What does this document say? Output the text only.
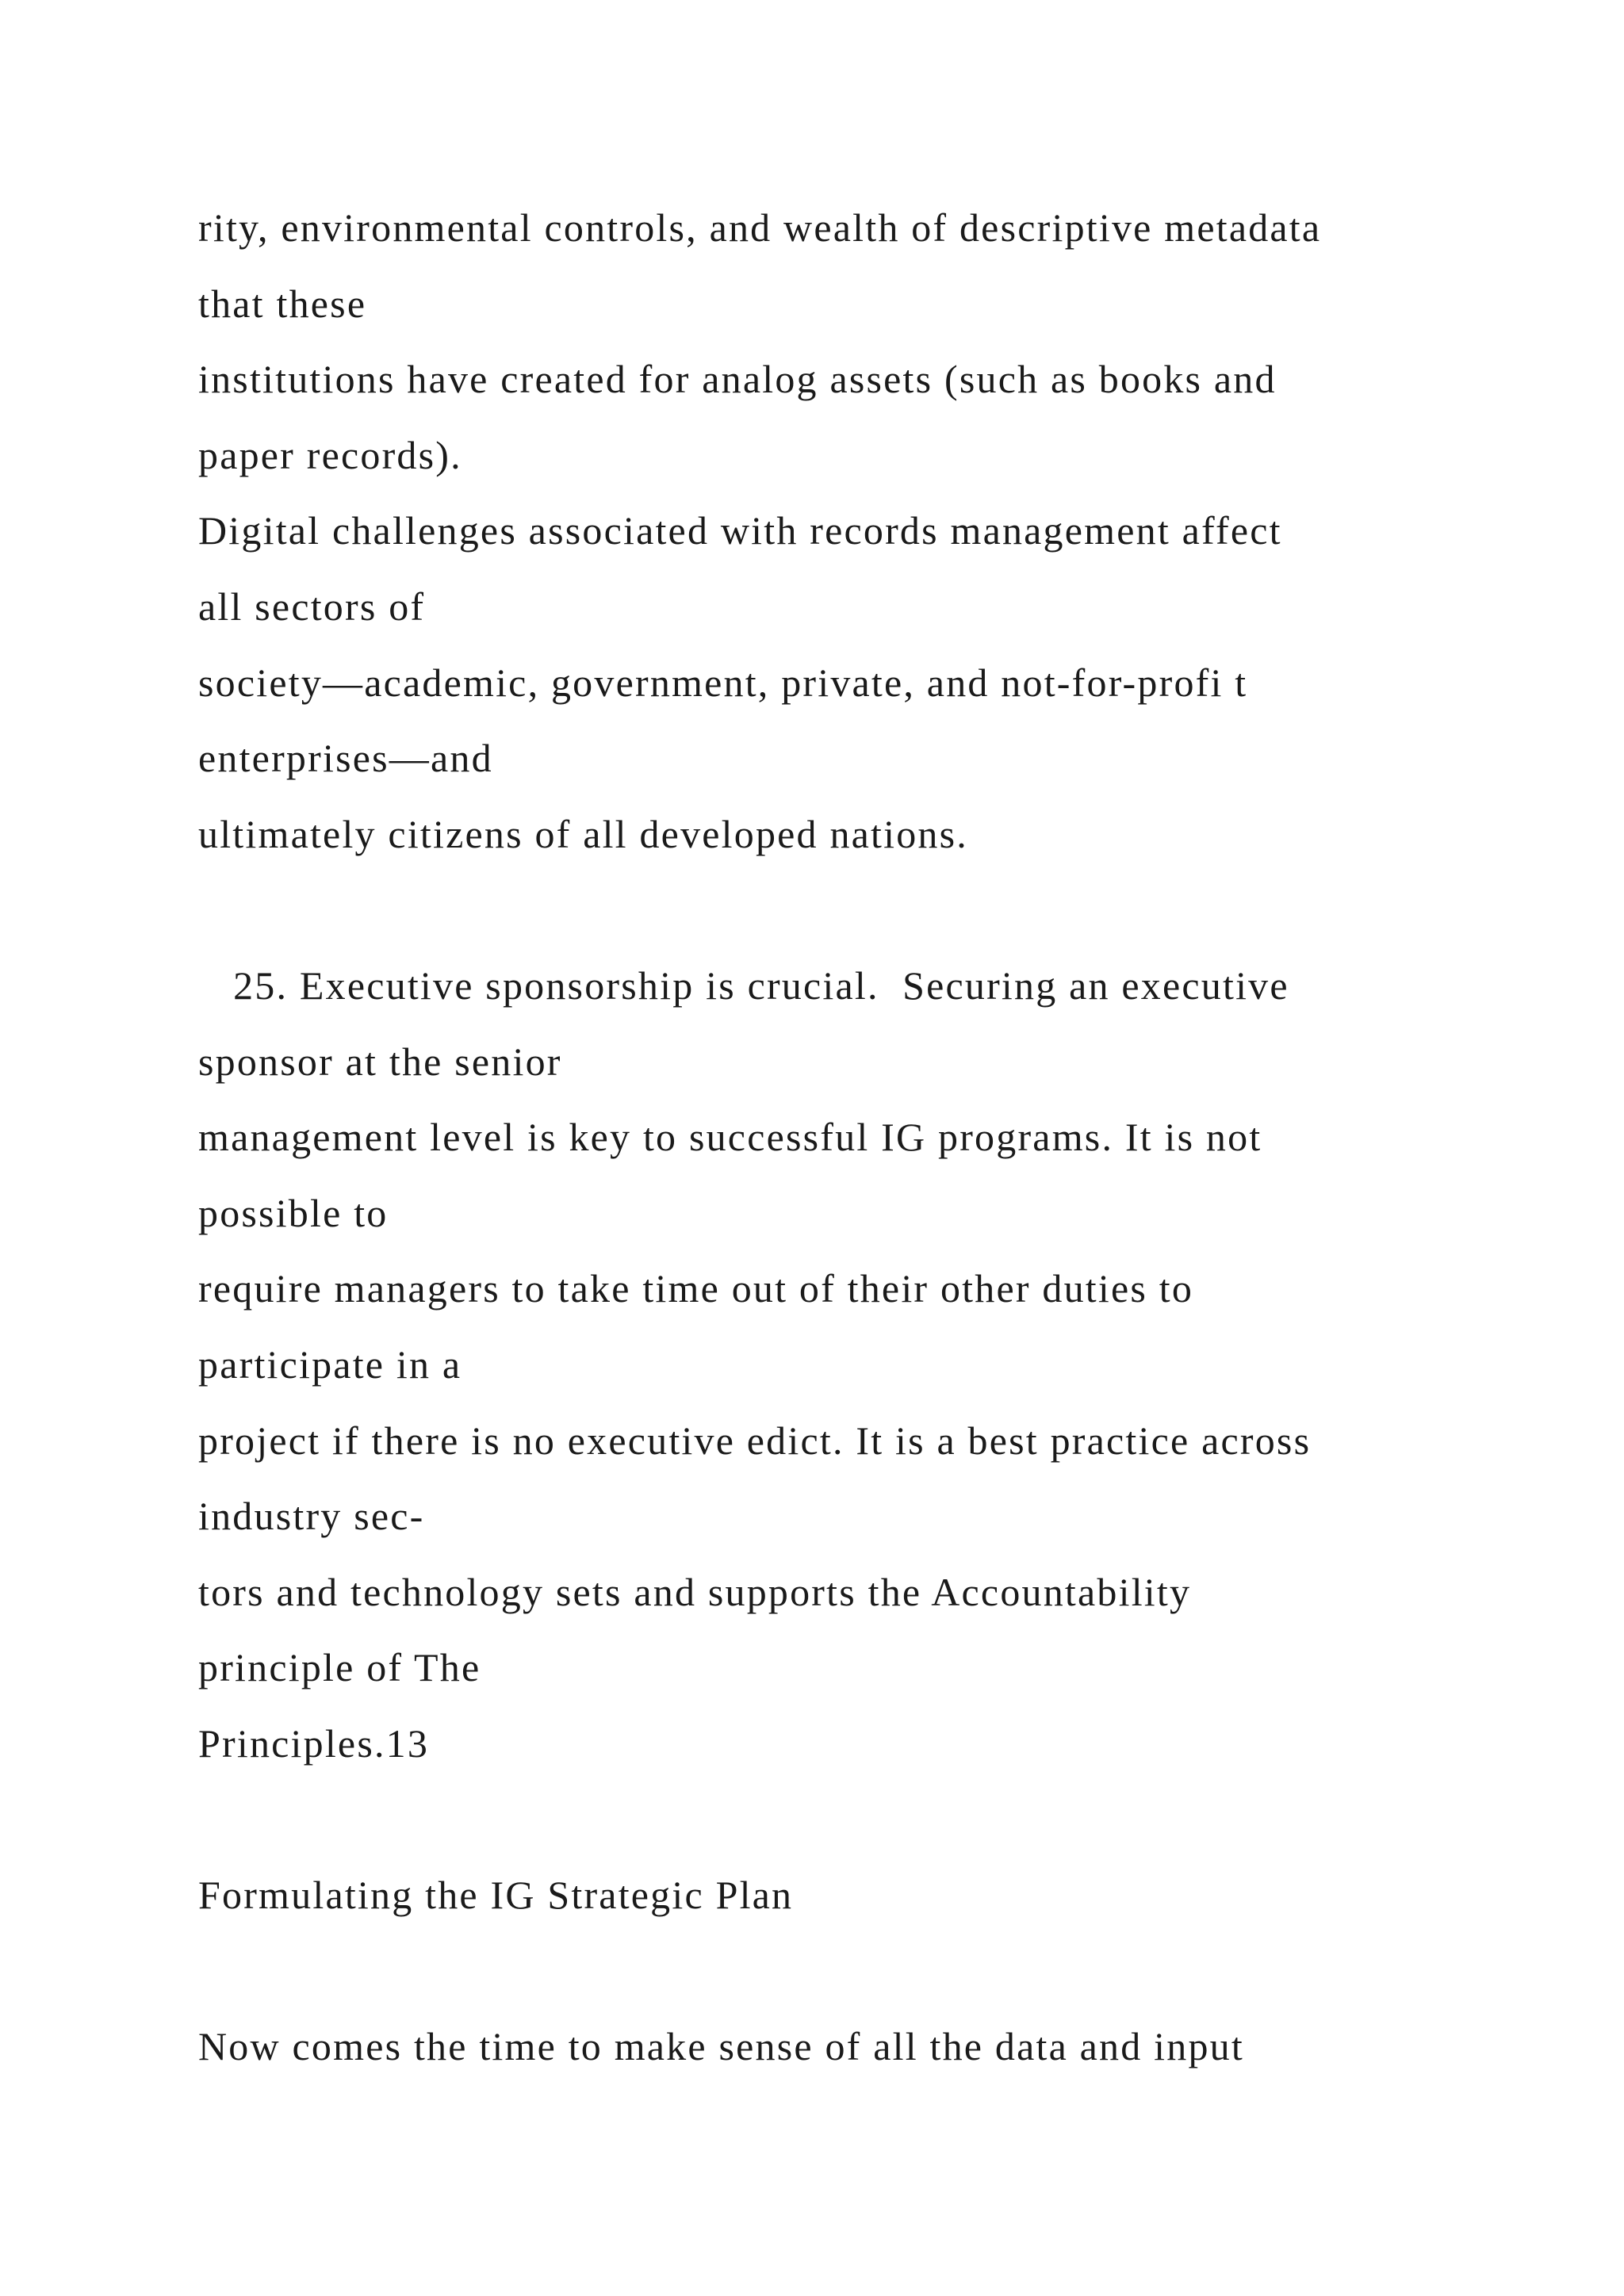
rity, environmental controls, and wealth of descriptive metadata
that these
institutions have created for analog assets (such as books and
paper records).
Digital challenges associated with records management affect
all sectors of
society—academic, government, private, and not-for-profi t
enterprises—and
ultimately citizens of all developed nations.
25. Executive sponsorship is crucial.  Securing an executive
sponsor at the senior
management level is key to successful IG programs. It is not
possible to
require managers to take time out of their other duties to
participate in a
project if there is no executive edict. It is a best practice across
industry sec-
tors and technology sets and supports the Accountability
principle of The
Principles.13
Formulating the IG Strategic Plan
Now comes the time to make sense of all the data and input
